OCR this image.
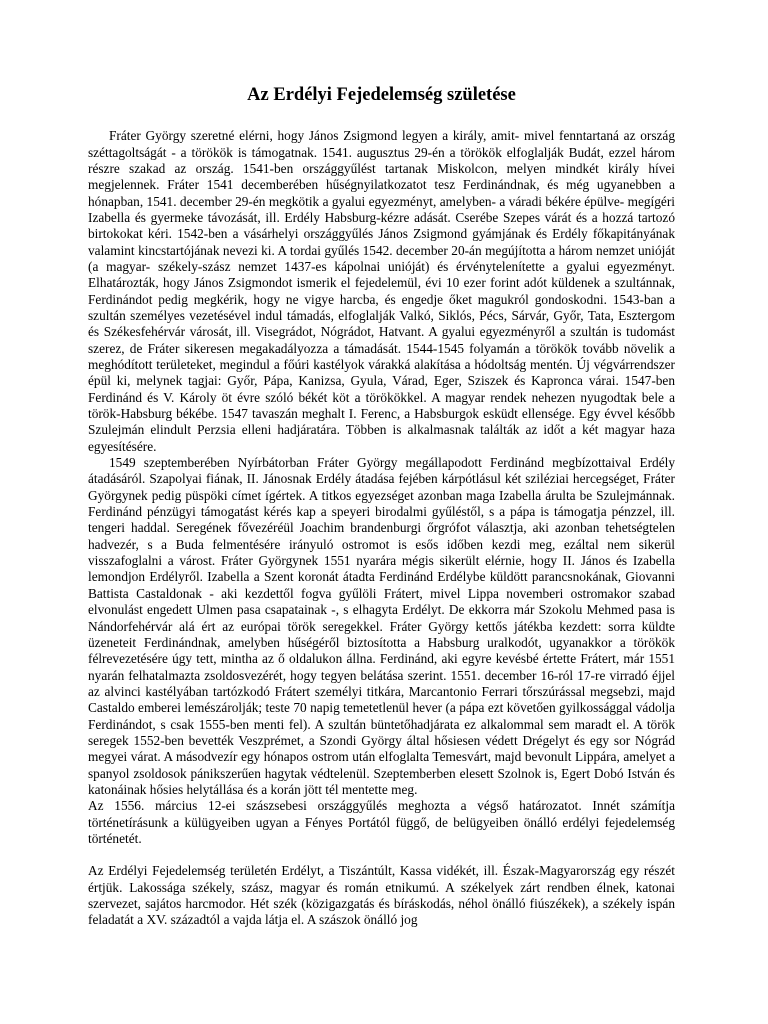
Az Erdélyi Fejedelemség születése

Fráter György szeretné elérni, hogy János Zsigmond legyen a király, amit- mivel fenntartaná az ország széttagoltságát - a törökök is támogatnak. 1541. augusztus 29-én a törökök elfoglalják Budát, ezzel három részre szakad az ország. 1541-ben országgyűlést tartanak Miskolcon, melyen mindkét király hívei megjelennek. Fráter 1541 decemberében hűségnyilatkozatot tesz Ferdinándnak, és még ugyanebben a hónapban, 1541. december 29-én megkötik a gyalui egyezményt, amelyben- a váradi békére épülve- megígéri Izabella és gyermeke távozását, ill. Erdély Habsburg-kézre adását. Cserébe Szepes várát és a hozzá tartozó birtokokat kéri. 1542-ben a vásárhelyi országgyűlés János Zsigmond gyámjának és Erdély főkapitányának valamint kincstartójának nevezi ki. A tordai gyűlés 1542. december 20-án megújította a három nemzet unióját (a magyar- székely-szász nemzet 1437-es kápolnai unióját) és érvénytelenítette a gyalui egyezményt. Elhatározták, hogy János Zsigmondot ismerik el fejedelemül, évi 10 ezer forint adót küldenek a szultánnak, Ferdinándot pedig megkérik, hogy ne vigye harcba, és engedje őket magukról gondoskodni. 1543-ban a szultán személyes vezetésével indul támadás, elfoglalják Valkó, Siklós, Pécs, Sárvár, Győr, Tata, Esztergom és Székesfehérvár városát, ill. Visegrádot, Nógrádot, Hatvant. A gyalui egyezményről a szultán is tudomást szerez, de Fráter sikeresen megakadályozza a támadását. 1544-1545 folyamán a törökök tovább növelik a meghódított területeket, megindul a főúri kastélyok várakká alakítása a hódoltság mentén. Új végvárrendszer épül ki, melynek tagjai: Győr, Pápa, Kanizsa, Gyula, Várad, Eger, Sziszek és Kapronca várai. 1547-ben Ferdinánd és V. Károly öt évre szóló békét köt a törökökkel. A magyar rendek nehezen nyugodtak bele a török-Habsburg békébe. 1547 tavaszán meghalt I. Ferenc, a Habsburgok esküdt ellensége. Egy évvel később Szulejmán elindult Perzsia elleni hadjáratára. Többen is alkalmasnak találták az időt a két magyar haza egyesítésére.

1549 szeptemberében Nyírbátorban Fráter György megállapodott Ferdinánd megbízottaival Erdély átadásáról. Szapolyai fiának, II. Jánosnak Erdély átadása fejében kárpótlásul két sziléziai hercegséget, Fráter Györgynek pedig püspöki címet ígértek. A titkos egyezséget azonban maga Izabella árulta be Szulejmánnak. Ferdinánd pénzügyi támogatást kérés kap a speyeri birodalmi gyűléstől, s a pápa is támogatja pénzzel, ill. tengeri haddal. Seregének fővezéréül Joachim brandenburgi őrgrófot választja, aki azonban tehetségtelen hadvezér, s a Buda felmentésére irányuló ostromot is esős időben kezdi meg, ezáltal nem sikerül visszafoglalni a várost. Fráter Györgynek 1551 nyarára mégis sikerült elérnie, hogy II. János és Izabella lemondjon Erdélyről. Izabella a Szent koronát átadta Ferdinánd Erdélybe küldött parancsnokának, Giovanni Battista Castaldonak - aki kezdettől fogva gyűlöli Frátert, mivel Lippa novemberi ostromakor szabad elvonulást engedett Ulmen pasa csapatainak -, s elhagyta Erdélyt. De ekkorra már Szokolu Mehmed pasa is Nándorfehérvár alá ért az európai török seregekkel. Fráter György kettős játékba kezdett: sorra küldte üzeneteit Ferdinándnak, amelyben hűségéről biztosította a Habsburg uralkodót, ugyanakkor a törökök félrevezetésére úgy tett, mintha az ő oldalukon állna. Ferdinánd, aki egyre kevésbé értette Frátert, már 1551 nyarán felhatalmazta zsoldosvezérét, hogy tegyen belátása szerint. 1551. december 16-ról 17-re virradó éjjel az alvinci kastélyában tartózkodó Frátert személyi titkára, Marcantonio Ferrari tőrszúrással megsebzi, majd Castaldo emberei lemészárolják; teste 70 napig temetetlenül hever (a pápa ezt követően gyilkossággal vádolja Ferdinándot, s csak 1555-ben menti fel). A szultán büntetőhadjárata ez alkalommal sem maradt el. A török seregek 1552-ben bevették Veszprémet, a Szondi György által hősiesen védett Drégelyt és egy sor Nógrád megyei várat. A másodvezír egy hónapos ostrom után elfoglalta Temesvárt, majd bevonult Lippára, amelyet a spanyol zsoldosok pánikszerűen hagytak védtelenül. Szeptemberben elesett Szolnok is, Egert Dobó István és katonáinak hősies helytállása és a korán jött tél mentette meg.

Az 1556. március 12-ei szászsebesi országgyűlés meghozta a végső határozatot. Innét számítja történetírásunk a külügyeiben ugyan a Fényes Portától függő, de belügyeiben önálló erdélyi fejedelemség történetét.

Az Erdélyi Fejedelemség területén Erdélyt, a Tiszántúlt, Kassa vidékét, ill. Észak-Magyarország egy részét értjük. Lakossága székely, szász, magyar és román etnikumú. A székelyek zárt rendben élnek, katonai szervezet, sajátos harcmodor. Hét szék (közigazgatás és bíráskodás, néhol önálló fiúszékek), a székely ispán feladatát a XV. századtól a vajda látja el. A szászok önálló jog
